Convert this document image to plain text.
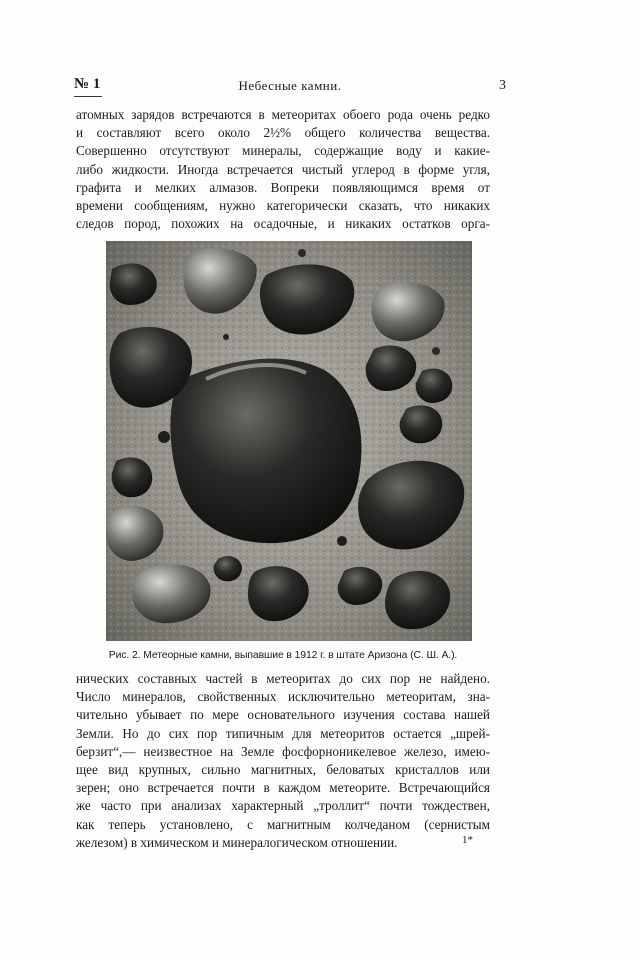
№ 1	Небесные камни.	3
атомных зарядов встречаются в метеоритах обоего рода очень редко
и составляют всего около 2½% общего количества вещества.
Совершенно отсутствуют минералы, содержащие воду и какие-
либо жидкости. Иногда встречается чистый углерод в форме угля,
графита и мелких алмазов. Вопреки появляющимся время от
времени сообщениям, нужно категорически сказать, что никаких
следов пород, похожих на осадочные, и никаких остатков орга-
Рис. 2. Метеорные камни, выпавшие в 1912 г. в штате Аризона (С. Ш. А.).
нических составных частей в метеоритах до сих пор не найдено.
Число минералов, свойственных исключительно метеоритам, зна-
чительно убывает по мере основательного изучения состава нашей
Земли. Но до сих пор типичным для метеоритов остается „шрей-
берзит“,— неизвестное на Земле фосфорноникелевое железо, имею-
щее вид крупных, сильно магнитных, беловатых кристаллов или
зерен; оно встречается почти в каждом метеорите. Встречающийся
же часто при анализах характерный „троллит“ почти тождествен,
как теперь установлено, с магнитным колчеданом (сернистым
железом) в химическом и минералогическом отношении.	1*
